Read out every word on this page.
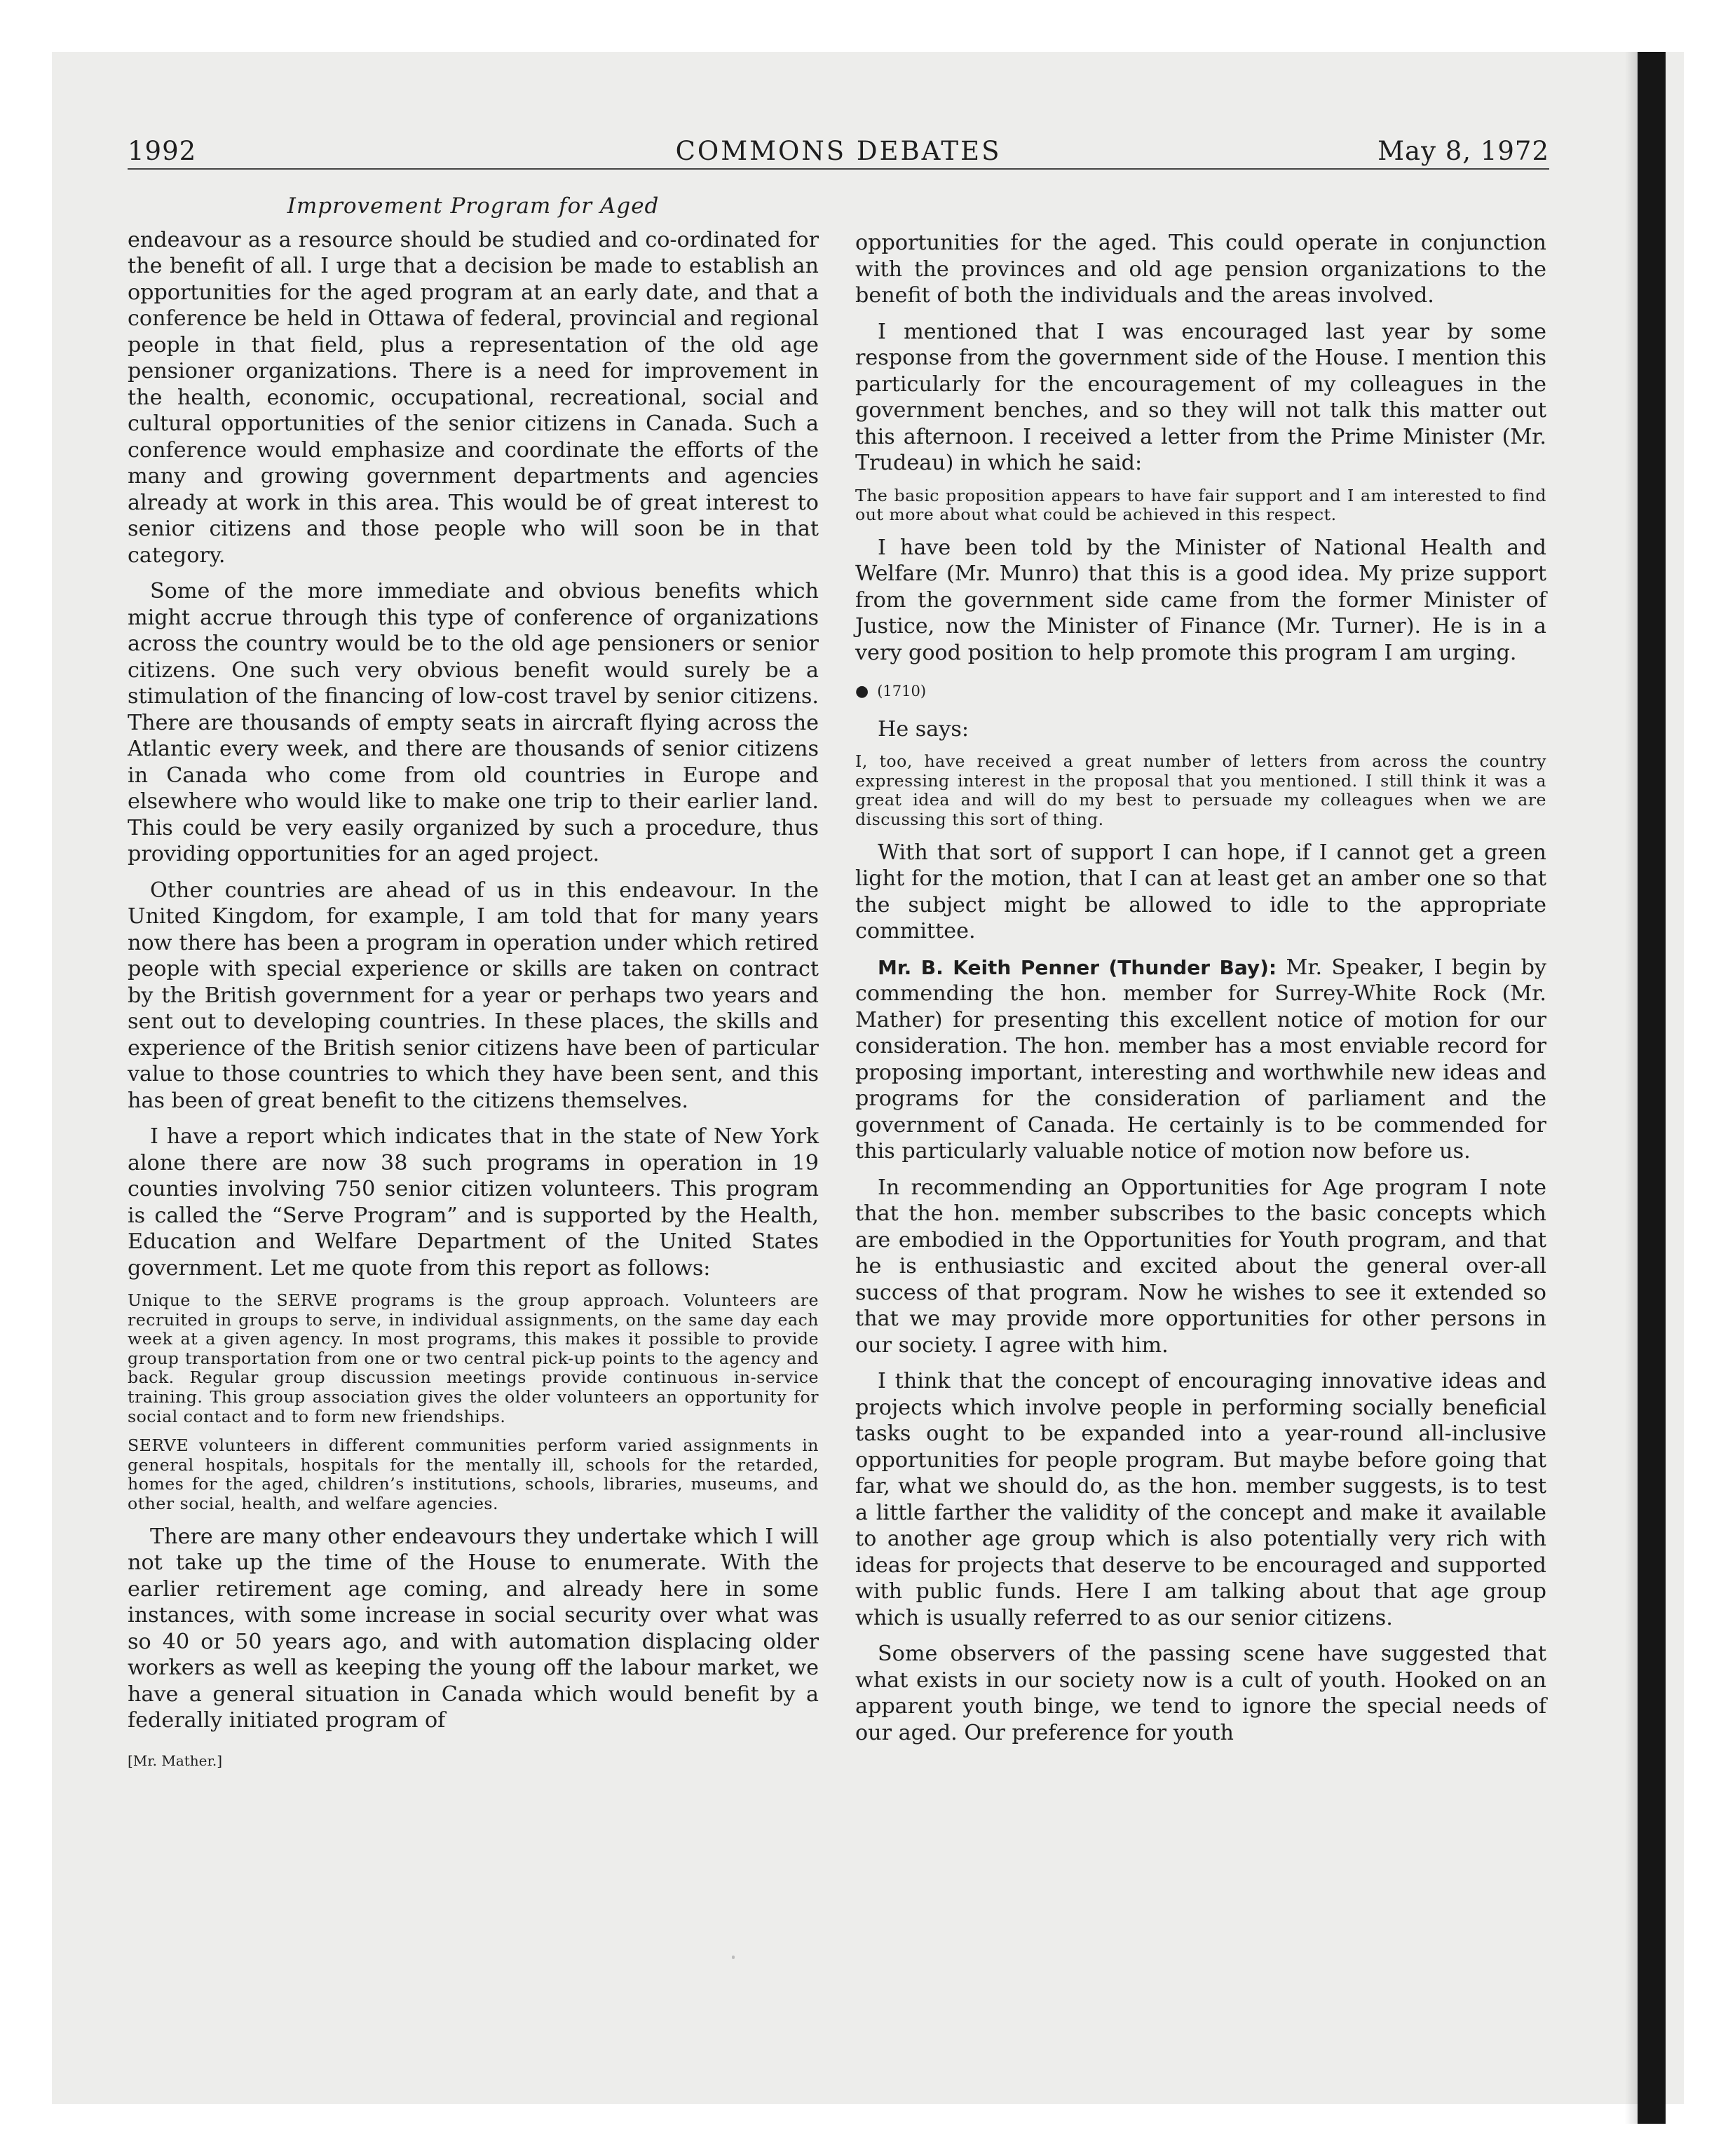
1992	COMMONS DEBATES	May 8, 1972
Improvement Program for Aged

endeavour as a resource should be studied and co-ordinated for the benefit of all. I urge that a decision be made to establish an opportunities for the aged program at an early date, and that a conference be held in Ottawa of federal, provincial and regional people in that field, plus a representation of the old age pensioner organizations. There is a need for improvement in the health, economic, occupational, recreational, social and cultural opportunities of the senior citizens in Canada. Such a conference would emphasize and coordinate the efforts of the many and growing government departments and agencies already at work in this area. This would be of great interest to senior citizens and those people who will soon be in that category.

Some of the more immediate and obvious benefits which might accrue through this type of conference of organizations across the country would be to the old age pensioners or senior citizens. One such very obvious benefit would surely be a stimulation of the financing of low-cost travel by senior citizens. There are thousands of empty seats in aircraft flying across the Atlantic every week, and there are thousands of senior citizens in Canada who come from old countries in Europe and elsewhere who would like to make one trip to their earlier land. This could be very easily organized by such a procedure, thus providing opportunities for an aged project.

Other countries are ahead of us in this endeavour. In the United Kingdom, for example, I am told that for many years now there has been a program in operation under which retired people with special experience or skills are taken on contract by the British government for a year or perhaps two years and sent out to developing countries. In these places, the skills and experience of the British senior citizens have been of particular value to those countries to which they have been sent, and this has been of great benefit to the citizens themselves.

I have a report which indicates that in the state of New York alone there are now 38 such programs in operation in 19 counties involving 750 senior citizen volunteers. This program is called the “Serve Program” and is supported by the Health, Education and Welfare Department of the United States government. Let me quote from this report as follows:

Unique to the SERVE programs is the group approach. Volunteers are recruited in groups to serve, in individual assignments, on the same day each week at a given agency. In most programs, this makes it possible to provide group transportation from one or two central pick-up points to the agency and back. Regular group discussion meetings provide continuous in-service training. This group association gives the older volunteers an opportunity for social contact and to form new friendships.

SERVE volunteers in different communities perform varied assignments in general hospitals, hospitals for the mentally ill, schools for the retarded, homes for the aged, children’s institutions, schools, libraries, museums, and other social, health, and welfare agencies.

There are many other endeavours they undertake which I will not take up the time of the House to enumerate. With the earlier retirement age coming, and already here in some instances, with some increase in social security over what was so 40 or 50 years ago, and with automation displacing older workers as well as keeping the young off the labour market, we have a general situation in Canada which would benefit by a federally initiated program of

[Mr. Mather.]

opportunities for the aged. This could operate in conjunction with the provinces and old age pension organizations to the benefit of both the individuals and the areas involved.

I mentioned that I was encouraged last year by some response from the government side of the House. I mention this particularly for the encouragement of my colleagues in the government benches, and so they will not talk this matter out this afternoon. I received a letter from the Prime Minister (Mr. Trudeau) in which he said:

The basic proposition appears to have fair support and I am interested to find out more about what could be achieved in this respect.

I have been told by the Minister of National Health and Welfare (Mr. Munro) that this is a good idea. My prize support from the government side came from the former Minister of Justice, now the Minister of Finance (Mr. Turner). He is in a very good position to help promote this program I am urging.

● (1710)

He says:

I, too, have received a great number of letters from across the country expressing interest in the proposal that you mentioned. I still think it was a great idea and will do my best to persuade my colleagues when we are discussing this sort of thing.

With that sort of support I can hope, if I cannot get a green light for the motion, that I can at least get an amber one so that the subject might be allowed to idle to the appropriate committee.

Mr. B. Keith Penner (Thunder Bay): Mr. Speaker, I begin by commending the hon. member for Surrey-White Rock (Mr. Mather) for presenting this excellent notice of motion for our consideration. The hon. member has a most enviable record for proposing important, interesting and worthwhile new ideas and programs for the consideration of parliament and the government of Canada. He certainly is to be commended for this particularly valuable notice of motion now before us.

In recommending an Opportunities for Age program I note that the hon. member subscribes to the basic concepts which are embodied in the Opportunities for Youth program, and that he is enthusiastic and excited about the general over-all success of that program. Now he wishes to see it extended so that we may provide more opportunities for other persons in our society. I agree with him.

I think that the concept of encouraging innovative ideas and projects which involve people in performing socially beneficial tasks ought to be expanded into a year-round all-inclusive opportunities for people program. But maybe before going that far, what we should do, as the hon. member suggests, is to test a little farther the validity of the concept and make it available to another age group which is also potentially very rich with ideas for projects that deserve to be encouraged and supported with public funds. Here I am talking about that age group which is usually referred to as our senior citizens.

Some observers of the passing scene have suggested that what exists in our society now is a cult of youth. Hooked on an apparent youth binge, we tend to ignore the special needs of our aged. Our preference for youth
